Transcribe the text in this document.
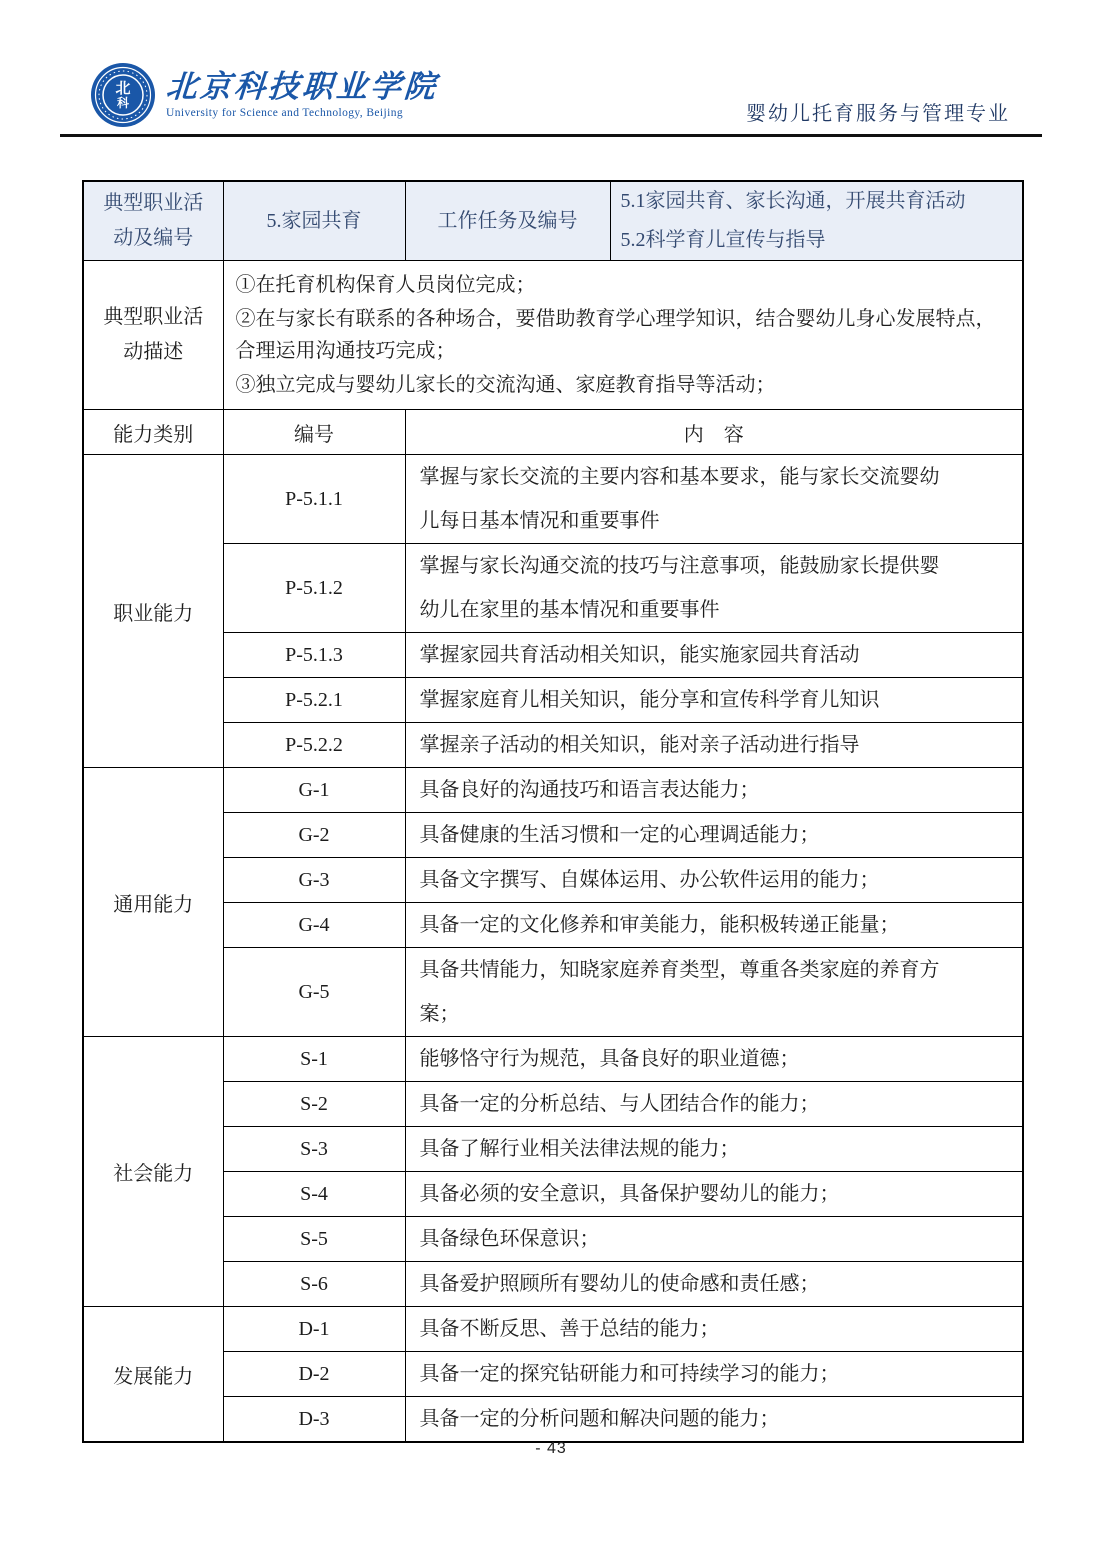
北
科 北京科技职业学院
University for Science and Technology, Beijing	婴幼儿托育服务与管理专业
典型职业活动及编号	5.家园共育	工作任务及编号	5.1家园共育、家长沟通，开展共育活动
5.2科学育儿宣传与指导

典型职业活动描述	①在托育机构保育人员岗位完成；
②在与家长有联系的各种场合，要借助教育学心理学知识，结合婴幼儿身心发展特点，合理运用沟通技巧完成；
③独立完成与婴幼儿家长的交流沟通、家庭教育指导等活动；		

能力类别	编号	内　容	
职业能力	P-5.1.1	掌握与家长交流的主要内容和基本要求，能与家长交流婴幼儿每日基本情况和重要事件	
	P-5.1.2	掌握与家长沟通交流的技巧与注意事项，能鼓励家长提供婴幼儿在家里的基本情况和重要事件	
	P-5.1.3	掌握家园共育活动相关知识，能实施家园共育活动	
	P-5.2.1	掌握家庭育儿相关知识，能分享和宣传科学育儿知识	
	P-5.2.2	掌握亲子活动的相关知识，能对亲子活动进行指导	
通用能力	G-1	具备良好的沟通技巧和语言表达能力；	
	G-2	具备健康的生活习惯和一定的心理调适能力；	
	G-3	具备文字撰写、自媒体运用、办公软件运用的能力；	
	G-4	具备一定的文化修养和审美能力，能积极转递正能量；	
	G-5	具备共情能力，知晓家庭养育类型，尊重各类家庭的养育方案；	
社会能力	S-1	能够恪守行为规范，具备良好的职业道德；	
	S-2	具备一定的分析总结、与人团结合作的能力；	
	S-3	具备了解行业相关法律法规的能力；	
	S-4	具备必须的安全意识，具备保护婴幼儿的能力；	
	S-5	具备绿色环保意识；	
	S-6	具备爱护照顾所有婴幼儿的使命感和责任感；	
发展能力	D-1	具备不断反思、善于总结的能力；	
	D-2	具备一定的探究钻研能力和可持续学习的能力；	
	D-3	具备一定的分析问题和解决问题的能力；	
- 43
